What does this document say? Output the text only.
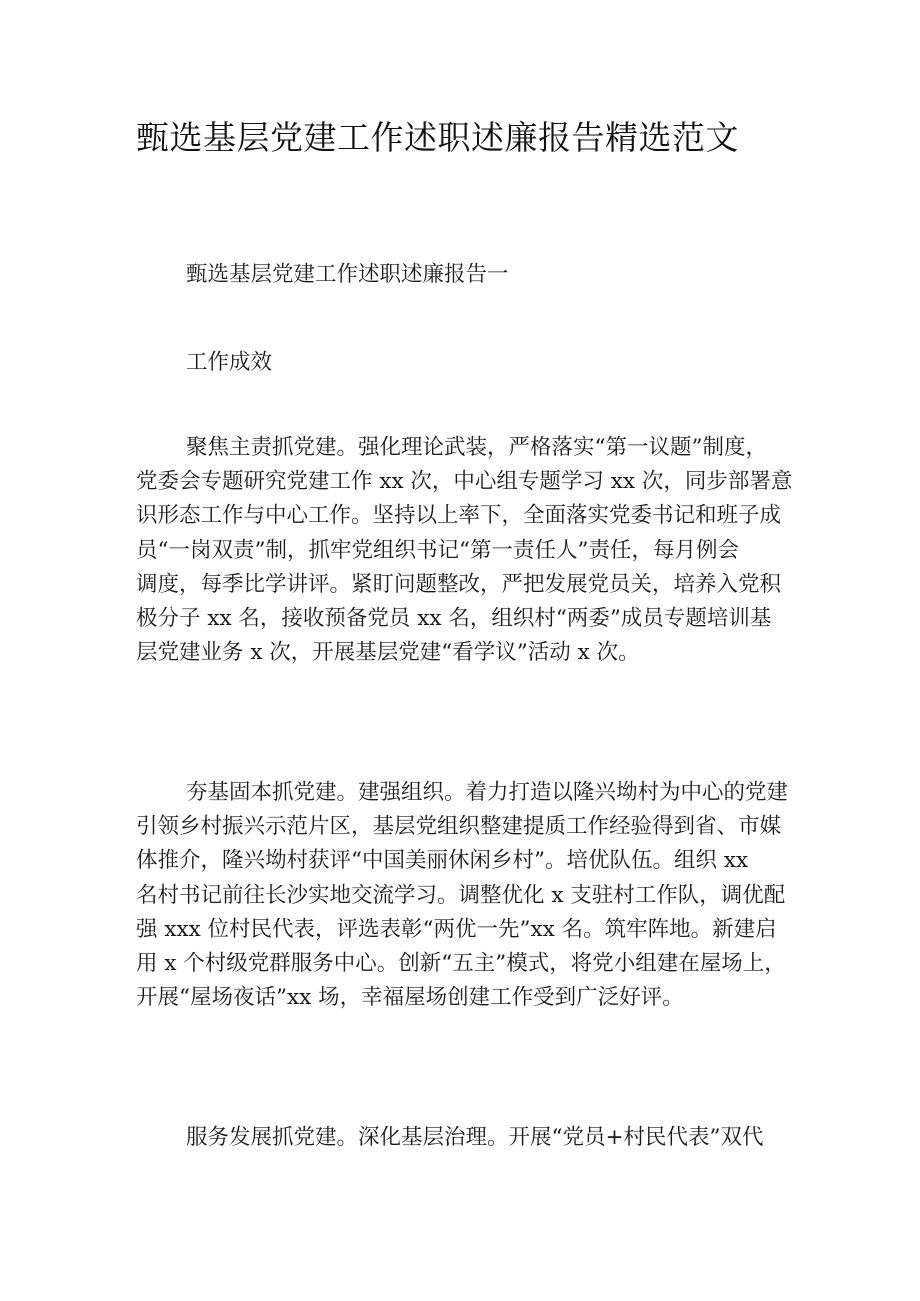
甄选基层党建工作述职述廉报告精选范文

甄选基层党建工作述职述廉报告一

工作成效

聚焦主责抓党建。强化理论武装，严格落实“第一议题”制度，
党委会专题研究党建工作 xx 次，中心组专题学习 xx 次，同步部署意
识形态工作与中心工作。坚持以上率下，全面落实党委书记和班子成
员“一岗双责”制，抓牢党组织书记“第一责任人”责任，每月例会
调度，每季比学讲评。紧盯问题整改，严把发展党员关，培养入党积
极分子 xx 名，接收预备党员 xx 名，组织村“两委”成员专题培训基
层党建业务 x 次，开展基层党建“看学议”活动 x 次。
夯基固本抓党建。建强组织。着力打造以隆兴坳村为中心的党建
引领乡村振兴示范片区，基层党组织整建提质工作经验得到省、市媒
体推介，隆兴坳村获评“中国美丽休闲乡村”。培优队伍。组织 xx
名村书记前往长沙实地交流学习。调整优化 x 支驻村工作队，调优配
强 xxx 位村民代表，评选表彰“两优一先”xx 名。筑牢阵地。新建启
用 x 个村级党群服务中心。创新“五主”模式，将党小组建在屋场上，
开展“屋场夜话”xx 场，幸福屋场创建工作受到广泛好评。
服务发展抓党建。深化基层治理。开展“党员+村民代表”双代
